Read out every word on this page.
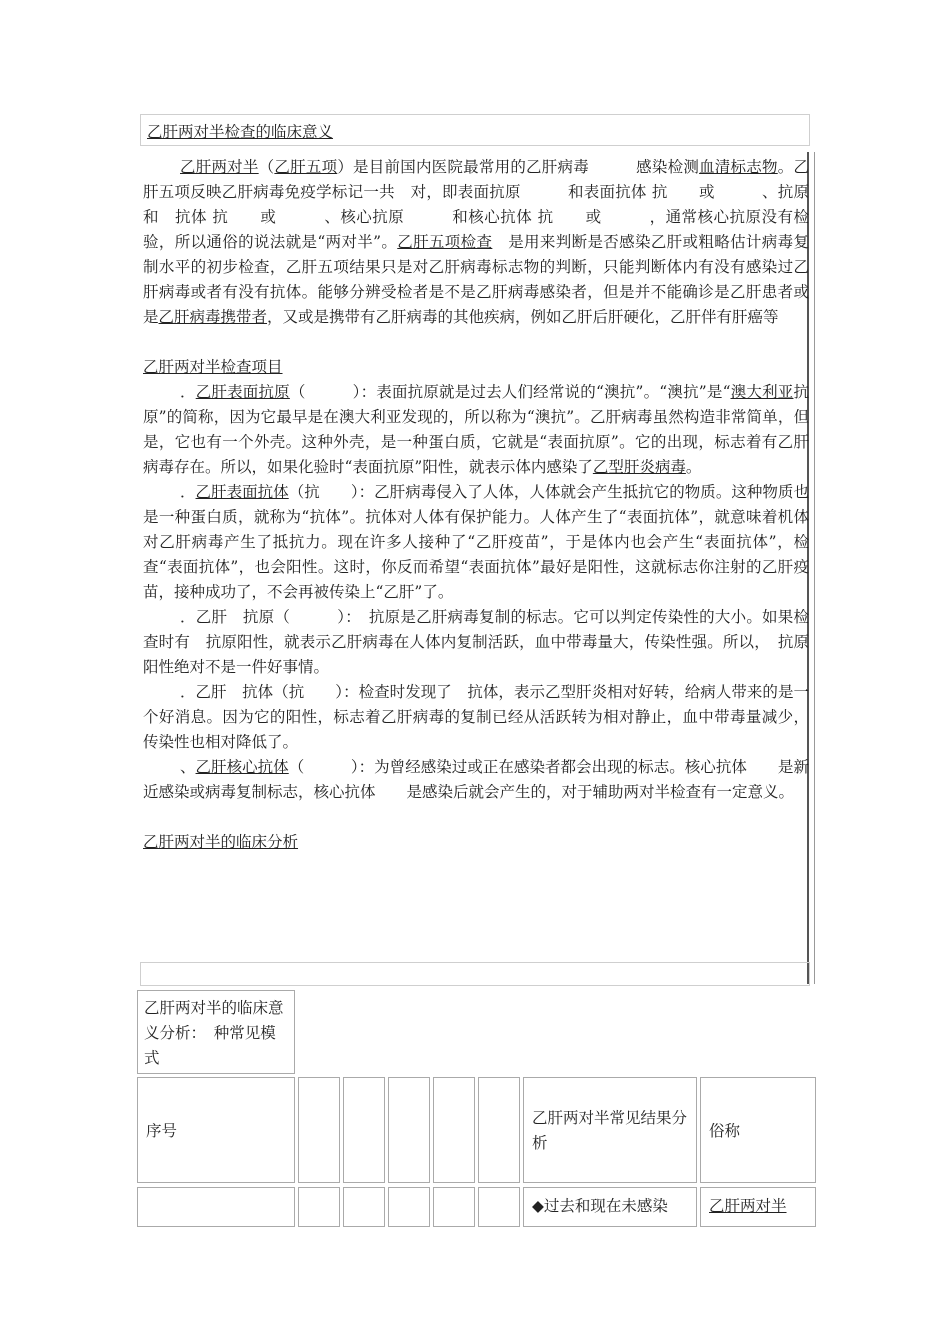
乙肝两对半检查的临床意义

乙肝两对半（乙肝五项）是目前国内医院最常用的乙肝病毒　　　感染检测血清标志物。乙肝五项反映乙肝病毒免疫学标记一共　对，即表面抗原　　　和表面抗体 抗　　或　　　、抗原　　　和　抗体 抗　　或　　　、核心抗原　　　和核心抗体 抗　　或　　　，通常核心抗原没有检验，所以通俗的说法就是“两对半”。乙肝五项检查　是用来判断是否感染乙肝或粗略估计病毒复制水平的初步检查，乙肝五项结果只是对乙肝病毒标志物的判断，只能判断体内有没有感染过乙肝病毒或者有没有抗体。能够分辨受检者是不是乙肝病毒感染者，但是并不能确诊是乙肝患者或是乙肝病毒携带者，又或是携带有乙肝病毒的其他疾病，例如乙肝后肝硬化，乙肝伴有肝癌等

乙肝两对半检查项目

．乙肝表面抗原（　　　）：表面抗原就是过去人们经常说的“澳抗”。“澳抗”是“澳大利亚抗原”的简称，因为它最早是在澳大利亚发现的，所以称为“澳抗”。乙肝病毒虽然构造非常简单，但是，它也有一个外壳。这种外壳，是一种蛋白质，它就是“表面抗原”。它的出现，标志着有乙肝病毒存在。所以，如果化验时“表面抗原”阳性，就表示体内感染了乙型肝炎病毒。

．乙肝表面抗体（抗　　）：乙肝病毒侵入了人体，人体就会产生抵抗它的物质。这种物质也是一种蛋白质，就称为“抗体”。抗体对人体有保护能力。人体产生了“表面抗体”，就意味着机体对乙肝病毒产生了抵抗力。现在许多人接种了“乙肝疫苗”，于是体内也会产生“表面抗体”，检查“表面抗体”，也会阳性。这时，你反而希望“表面抗体”最好是阳性，这就标志你注射的乙肝疫苗，接种成功了，不会再被传染上“乙肝”了。

．乙肝　抗原（　　　）：　抗原是乙肝病毒复制的标志。它可以判定传染性的大小。如果检查时有　抗原阳性，就表示乙肝病毒在人体内复制活跃，血中带毒量大，传染性强。所以，　抗原阳性绝对不是一件好事情。

．乙肝　抗体（抗　　）：检查时发现了　抗体，表示乙型肝炎相对好转，给病人带来的是一个好消息。因为它的阳性，标志着乙肝病毒的复制已经从活跃转为相对静止，血中带毒量减少，传染性也相对降低了。

、乙肝核心抗体（　　　）：为曾经感染过或正在感染者都会出现的标志。核心抗体　　是新近感染或病毒复制标志，核心抗体　　是感染后就会产生的，对于辅助两对半检查有一定意义。

乙肝两对半的临床分析

乙肝两对半的临床意义分析：　种常见模式
序号
乙肝两对半常见结果分析
俗称
◆过去和现在未感染	乙肝两对半
